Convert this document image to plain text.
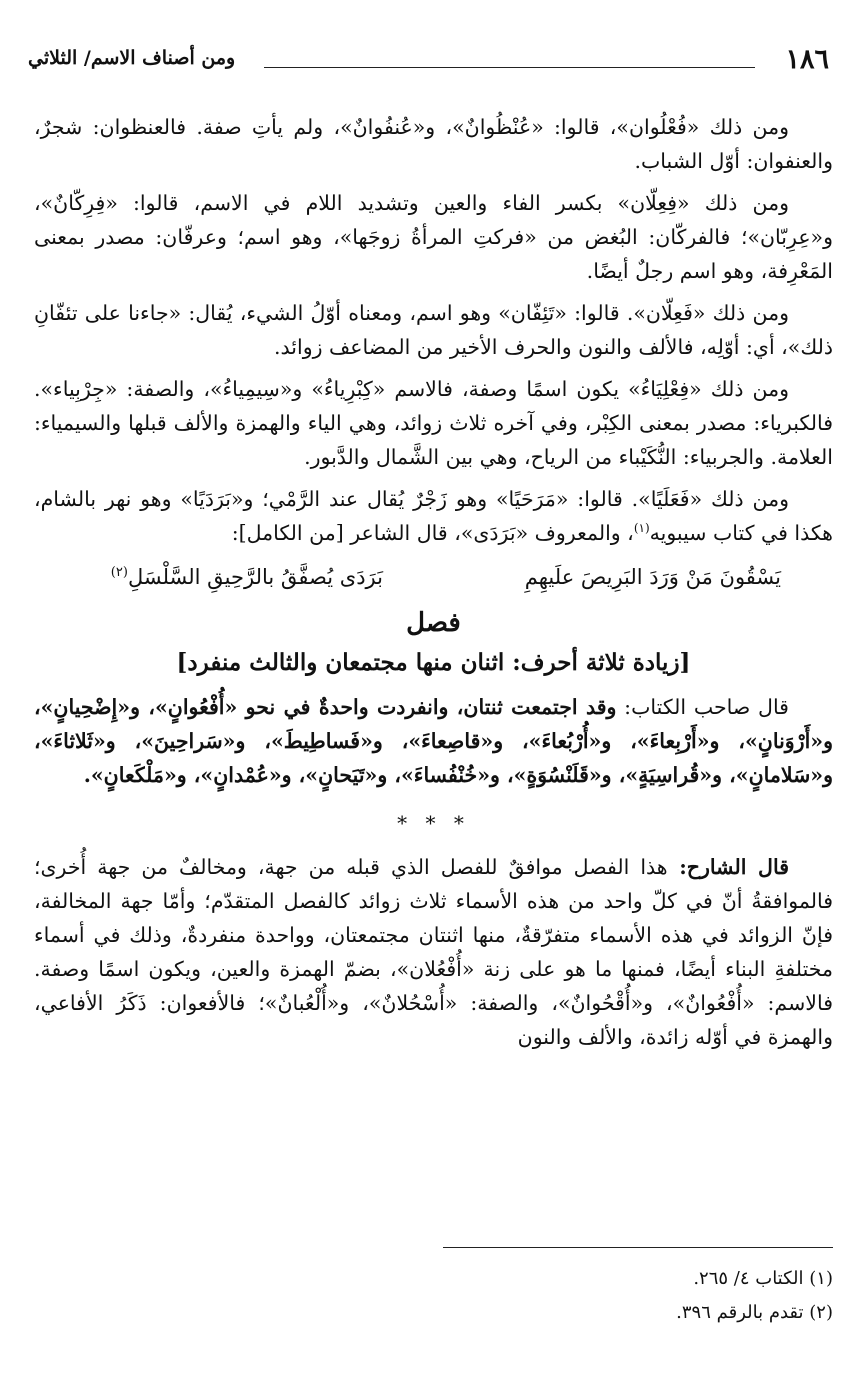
١٨٦
ومن أصناف الاسم/ الثلاثي

ومن ذلك «فُعْلُوان»، قالوا: «عُنْظُوانٌ»، و«عُنفُوانٌ»، ولم يأتِ صفة. فالعنظوان: شجرٌ، والعنفوان: أوّل الشباب.

ومن ذلك «فِعِلّان» بكسر الفاء والعين وتشديد اللام في الاسم، قالوا: «فِرِكّانٌ»، و«عِرِبّان»؛ فالفركّان: البُغض من «فركتِ المرأةُ زوجَها»، وهو اسم؛ وعرفّان: مصدر بمعنى المَعْرِفة، وهو اسم رجلٌ أيضًا.

ومن ذلك «فَعِلّان». قالوا: «تَئِفّان» وهو اسم، ومعناه أوّلُ الشيء، يُقال: «جاءنا على تئفّانِ ذلك»، أي: أوّلِه، فالألف والنون والحرف الأخير من المضاعف زوائد.

ومن ذلك «فِعْلِيَاءُ» يكون اسمًا وصفة، فالاسم «كِبْرِياءُ» و«سِيمِياءُ»، والصفة: «جِرْبِياء». فالكبرياء: مصدر بمعنى الكِبْر، وفي آخره ثلاث زوائد، وهي الياء والهمزة والألف قبلها والسيمياء: العلامة. والجربياء: النُّكَيْباء من الرياح، وهي بين الشَّمال والدَّبور.

ومن ذلك «فَعَلَيًا». قالوا: «مَرَحَيًا» وهو زَجْرٌ يُقال عند الرَّمْي؛ و«بَرَدَيًا» وهو نهر بالشام، هكذا في كتاب سيبويه$^{(١)}$، والمعروف «بَرَدَى»، قال الشاعر [من الكامل]:

يَسْقُونَ مَنْ وَرَدَ البَرِيصَ علَيهِمِ
بَرَدَى يُصفَّقُ بالرَّحِيقِ السَّلْسَلِ$^{(٢)}$
فصل
[زيادة ثلاثة أحرف: اثنان منها مجتمعان والثالث منفرد]

قال صاحب الكتاب: وقد اجتمعت ثنتان، وانفردت واحدةٌ في نحو «أُفْعُوانٍ»، و«إِضْحِيانٍ»، و«أَرْوَنانٍ»، و«أَرْبِعاءَ»، و«أُرْبُعاءَ»، و«قاصِعاءَ»، و«فَساطِيطَ»، و«سَراحِينَ»، و«ثَلاثاءَ»، و«سَلامانٍ»، و«قُراسِيَةٍ»، و«قَلَنْسُوَةٍ»، و«خُنْفُساءَ»، و«تَيَحانٍ»، و«عُمْدانٍ»، و«مَلْكَعانٍ».

* * *

قال الشارح: هذا الفصل موافقٌ للفصل الذي قبله من جهة، ومخالفٌ من جهة أُخرى؛ فالموافقةُ أنّ في كلّ واحد من هذه الأسماء ثلاث زوائد كالفصل المتقدّم؛ وأمّا جهة المخالفة، فإنّ الزوائد في هذه الأسماء متفرّقةٌ، منها اثنتان مجتمعتان، وواحدة منفردةٌ، وذلك في أسماء مختلفةِ البناء أيضًا، فمنها ما هو على زنة «أُفْعُلان»، بضمّ الهمزة والعين، ويكون اسمًا وصفة. فالاسم: «أُفْعُوانٌ»، و«أُقْحُوانٌ»، والصفة: «أُسْحُلانٌ»، و«أُلْعُبانٌ»؛ فالأفعوان: ذَكَرُ الأفاعي، والهمزة في أوّله زائدة، والألف والنون

(١) الكتاب ٤/ ٢٦٥.
(٢) تقدم بالرقم ٣٩٦.
